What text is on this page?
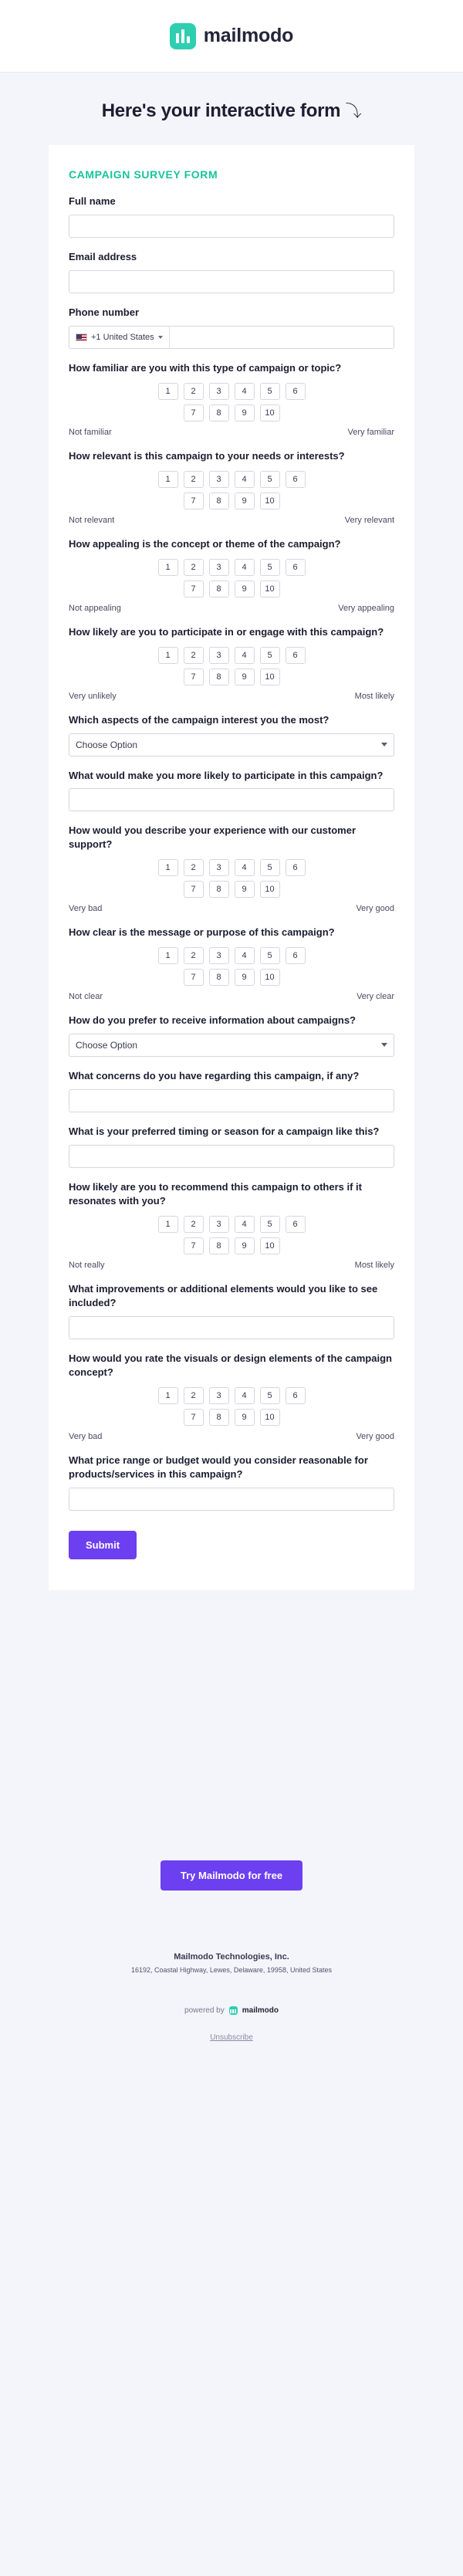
mailmodo
Here's your interactive form ⤵
CAMPAIGN SURVEY FORM
Full name
Email address
Phone number
+1 United States
How familiar are you with this type of campaign or topic?
1	2	3	4	5	6
7	8	9	10
Not familiar	Very familiar
How relevant is this campaign to your needs or interests?
1	2	3	4	5	6
7	8	9	10
Not relevant	Very relevant
How appealing is the concept or theme of the campaign?
1	2	3	4	5	6
7	8	9	10
Not appealing	Very appealing
How likely are you to participate in or engage with this campaign?
1	2	3	4	5	6
7	8	9	10
Very unlikely	Most likely
Which aspects of the campaign interest you the most?
Choose Option
What would make you more likely to participate in this campaign?
How would you describe your experience with our customer support?
1	2	3	4	5	6
7	8	9	10
Very bad	Very good
How clear is the message or purpose of this campaign?
1	2	3	4	5	6
7	8	9	10
Not clear	Very clear
How do you prefer to receive information about campaigns?
Choose Option
What concerns do you have regarding this campaign, if any?
What is your preferred timing or season for a campaign like this?
How likely are you to recommend this campaign to others if it resonates with you?
1	2	3	4	5	6
7	8	9	10
Not really	Most likely
What improvements or additional elements would you like to see included?
How would you rate the visuals or design elements of the campaign concept?
1	2	3	4	5	6
7	8	9	10
Very bad	Very good
What price range or budget would you consider reasonable for products/services in this campaign?
Submit
Try Mailmodo for free
Mailmodo Technologies, Inc.
16192, Coastal Highway, Lewes, Delaware, 19958, United States
powered by mailmodo
Unsubscribe
